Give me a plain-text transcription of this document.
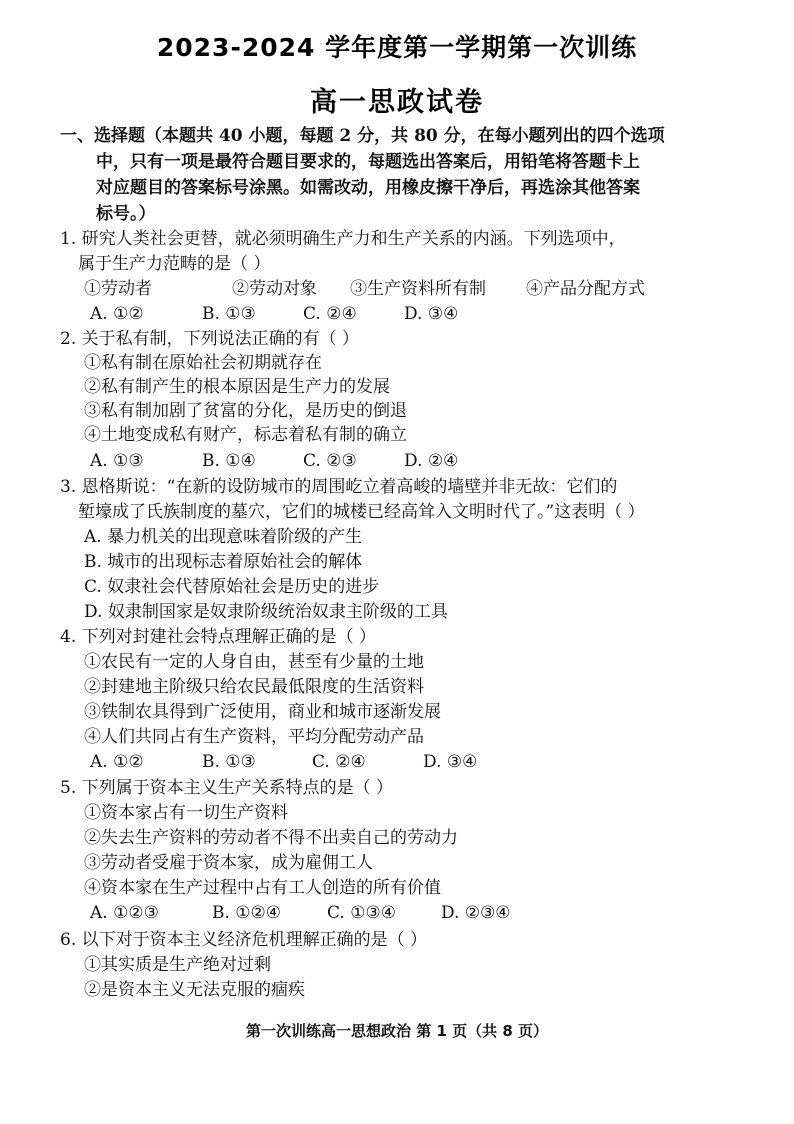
2023-2024 学年度第一学期第一次训练
高一思政试卷
一、选择题（本题共 40 小题，每题 2 分，共 80 分，在每小题列出的四个选项
中，只有一项是最符合题目要求的，每题选出答案后，用铅笔将答题卡上
对应题目的答案标号涂黑。如需改动，用橡皮擦干净后，再选涂其他答案
标号。）
1. 研究人类社会更替，就必须明确生产力和生产关系的内涵。下列选项中，
属于生产力范畴的是（ ）
①劳动者	②劳动对象 ③生产资料所有制 ④产品分配方式
A. ①②	B. ①③	C. ②④	D. ③④
2. 关于私有制，下列说法正确的有（ ）
①私有制在原始社会初期就存在
②私有制产生的根本原因是生产力的发展
③私有制加剧了贫富的分化，是历史的倒退
④土地变成私有财产，标志着私有制的确立
A. ①③	B. ①④	C. ②③	D. ②④
3. 恩格斯说：“在新的设防城市的周围屹立着高峻的墙壁并非无故：它们的
堑壕成了氏族制度的墓穴，它们的城楼已经高耸入文明时代了。”这表明（ ）
A. 暴力机关的出现意味着阶级的产生
B. 城市的出现标志着原始社会的解体
C. 奴隶社会代替原始社会是历史的进步
D. 奴隶制国家是奴隶阶级统治奴隶主阶级的工具
4. 下列对封建社会特点理解正确的是（ ）
①农民有一定的人身自由，甚至有少量的土地
②封建地主阶级只给农民最低限度的生活资料
③铁制农具得到广泛使用，商业和城市逐渐发展
④人们共同占有生产资料，平均分配劳动产品
A. ①②	B. ①③	C. ②④	D. ③④
5. 下列属于资本主义生产关系特点的是（ ）
①资本家占有一切生产资料
②失去生产资料的劳动者不得不出卖自己的劳动力
③劳动者受雇于资本家，成为雇佣工人
④资本家在生产过程中占有工人创造的所有价值
A. ①②③	B. ①②④	C. ①③④	D. ②③④
6. 以下对于资本主义经济危机理解正确的是（ ）
①其实质是生产绝对过剩
②是资本主义无法克服的痼疾
第一次训练高一思想政治 第 1 页（共 8 页）
